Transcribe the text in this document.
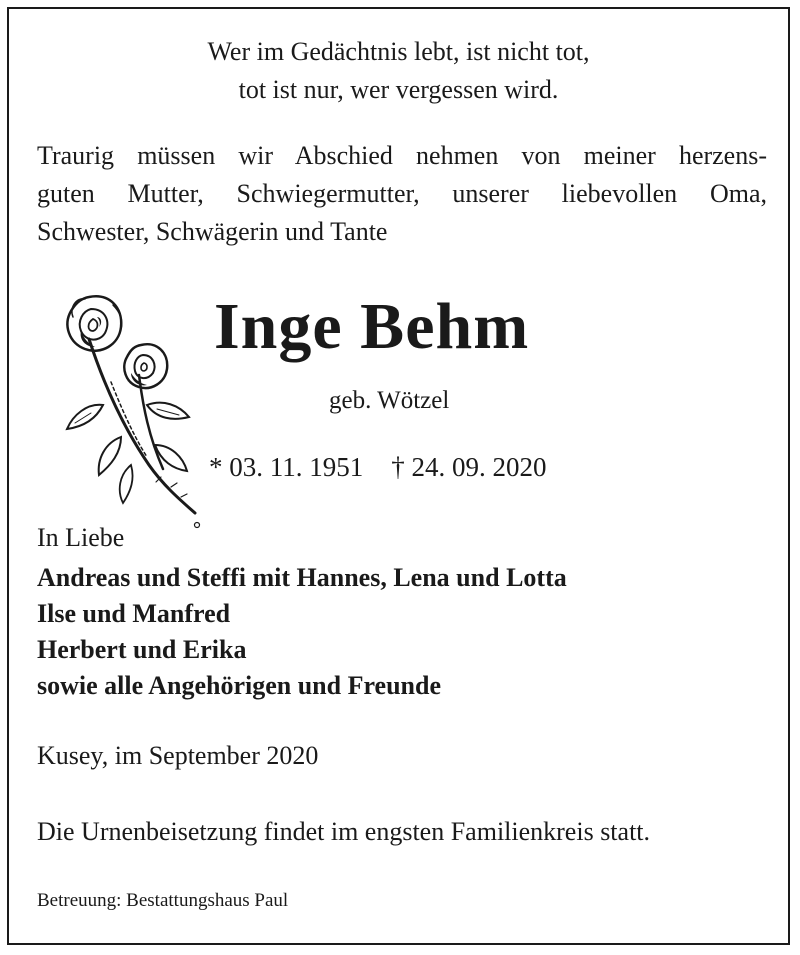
Wer im Gedächtnis lebt, ist nicht tot,
tot ist nur, wer vergessen wird.
Traurig müssen wir Abschied nehmen von meiner herzens-
guten Mutter, Schwiegermutter, unserer liebevollen Oma,
Schwester, Schwägerin und Tante
Inge Behm
geb. Wötzel
* 03. 11. 1951 † 24. 09. 2020
In Liebe
Andreas und Steffi mit Hannes, Lena und Lotta
Ilse und Manfred
Herbert und Erika
sowie alle Angehörigen und Freunde
Kusey, im September 2020
Die Urnenbeisetzung findet im engsten Familienkreis statt.
Betreuung: Bestattungshaus Paul
